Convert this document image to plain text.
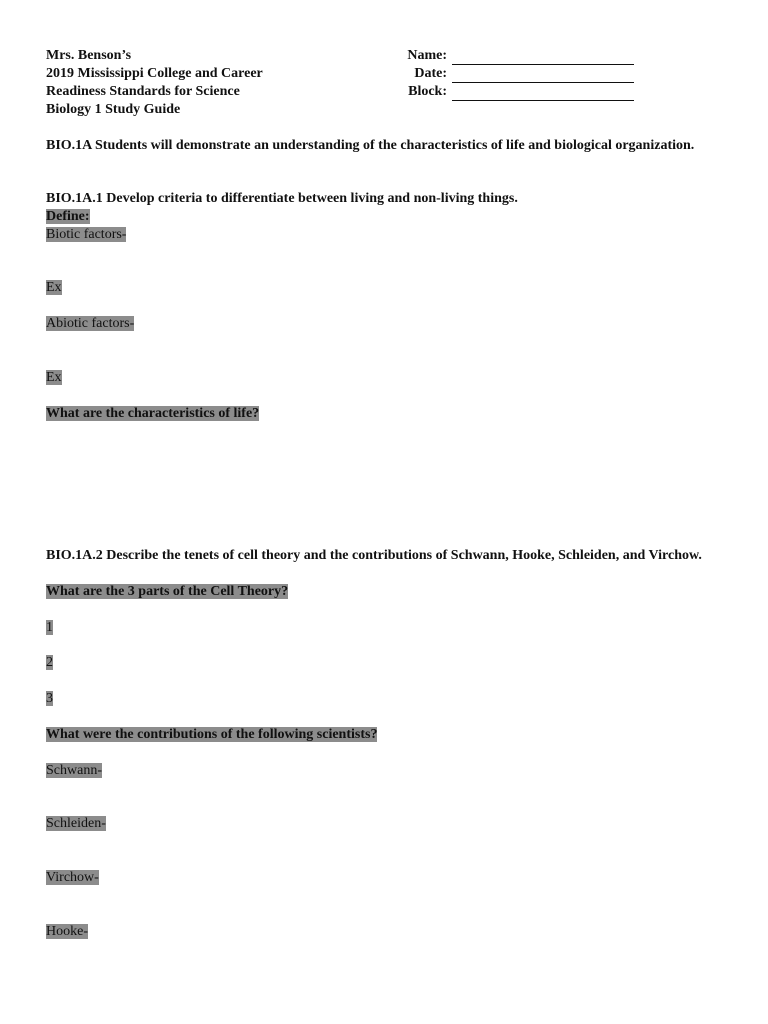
Mrs. Benson’s
2019 Mississippi College and Career
Readiness Standards for Science
Biology 1 Study Guide
Name:
Date:
Block:
BIO.1A Students will demonstrate an understanding of the characteristics of life and biological organization.
BIO.1A.1 Develop criteria to differentiate between living and non-living things.
Define:
Biotic factors-
Ex
Abiotic factors-
Ex
What are the characteristics of life?
BIO.1A.2 Describe the tenets of cell theory and the contributions of Schwann, Hooke, Schleiden, and Virchow.
What are the 3 parts of the Cell Theory?
1
2
3
What were the contributions of the following scientists?
Schwann-
Schleiden-
Virchow-
Hooke-
